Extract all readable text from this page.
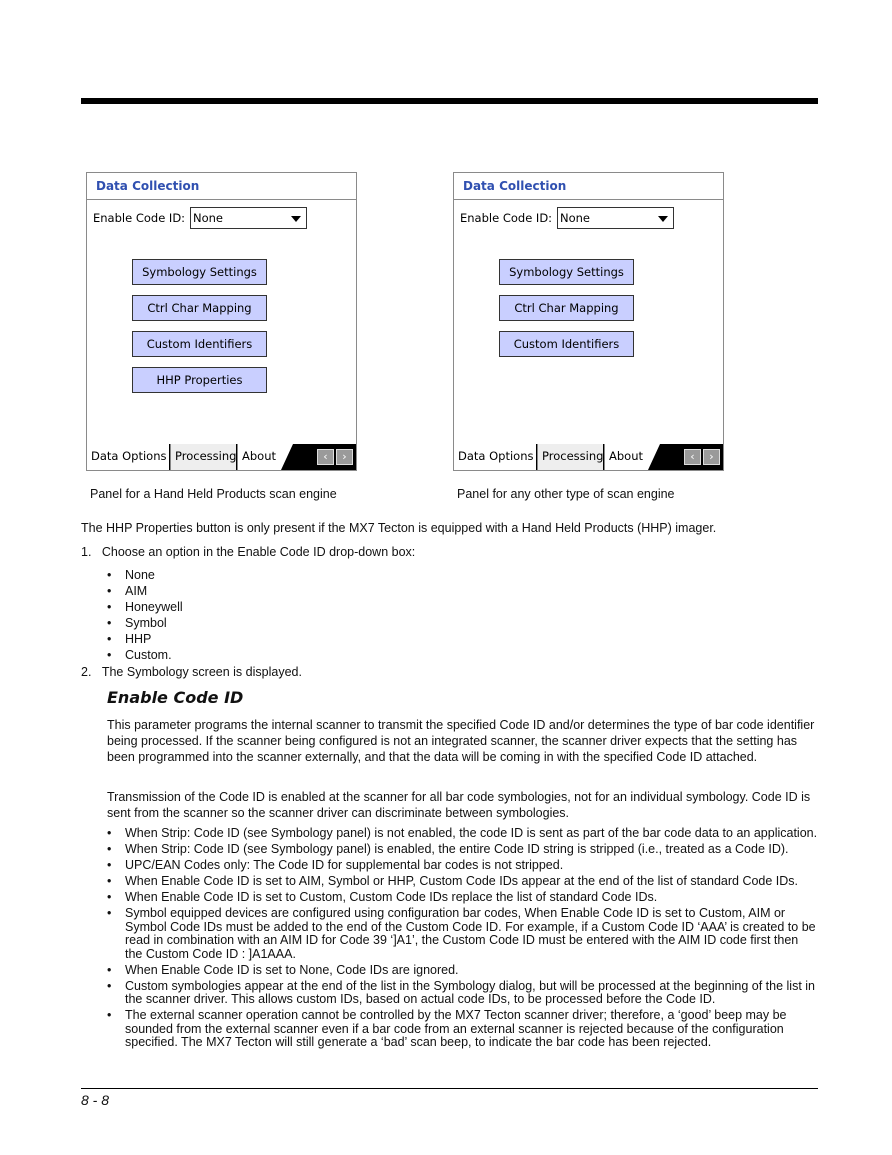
Data Collection
Enable Code ID: None
Symbology Settings
Ctrl Char Mapping
Custom Identifiers
HHP Properties
Data Options Processing About	‹	›
Data Collection
Enable Code ID: None
Symbology Settings
Ctrl Char Mapping
Custom Identifiers
Data Options Processing About	‹	›
Panel for a Hand Held Products scan engine	Panel for any other type of scan engine
The HHP Properties button is only present if the MX7 Tecton is equipped with a Hand Held Products (HHP) imager.
1.   Choose an option in the Enable Code ID drop-down box:
• None
• AIM
• Honeywell
• Symbol
• HHP
• Custom.
2.   The Symbology screen is displayed.
Enable Code ID
This parameter programs the internal scanner to transmit the specified Code ID and/or determines the type of bar code identifier being processed. If the scanner being configured is not an integrated scanner, the scanner driver expects that the setting has been programmed into the scanner externally, and that the data will be coming in with the specified Code ID attached.
Transmission of the Code ID is enabled at the scanner for all bar code symbologies, not for an individual symbology. Code ID is sent from the scanner so the scanner driver can discriminate between symbologies.
• When Strip: Code ID (see Symbology panel) is not enabled, the code ID is sent as part of the bar code data to an application.
• When Strip: Code ID (see Symbology panel) is enabled, the entire Code ID string is stripped (i.e., treated as a Code ID).
• UPC/EAN Codes only: The Code ID for supplemental bar codes is not stripped.
• When Enable Code ID is set to AIM, Symbol or HHP, Custom Code IDs appear at the end of the list of standard Code IDs.
• When Enable Code ID is set to Custom, Custom Code IDs replace the list of standard Code IDs.
• Symbol equipped devices are configured using configuration bar codes, When Enable Code ID is set to Custom, AIM or Symbol Code IDs must be added to the end of the Custom Code ID. For example, if a Custom Code ID ‘AAA’ is created to be read in combination with an AIM ID for Code 39 ‘]A1’, the Custom Code ID must be entered with the AIM ID code first then the Custom Code ID : ]A1AAA.
• When Enable Code ID is set to None, Code IDs are ignored.
• Custom symbologies appear at the end of the list in the Symbology dialog, but will be processed at the beginning of the list in the scanner driver. This allows custom IDs, based on actual code IDs, to be processed before the Code ID.
• The external scanner operation cannot be controlled by the MX7 Tecton scanner driver; therefore, a ‘good’ beep may be sounded from the external scanner even if a bar code from an external scanner is rejected because of the configuration specified. The MX7 Tecton will still generate a ‘bad’ scan beep, to indicate the bar code has been rejected.
8 - 8
